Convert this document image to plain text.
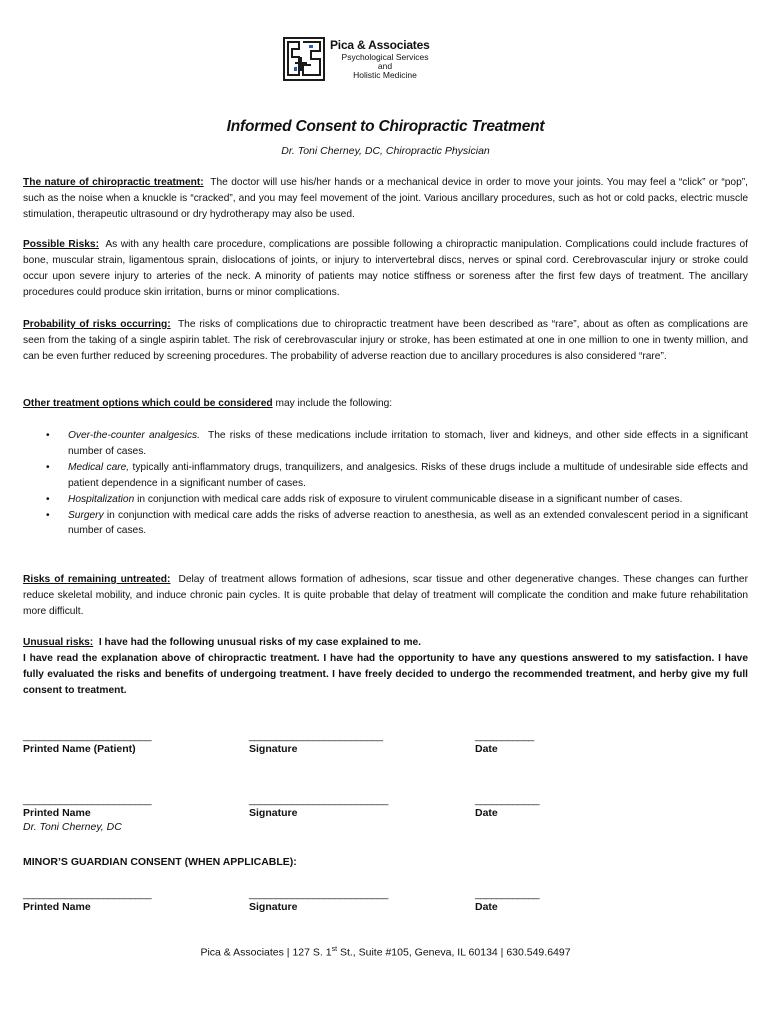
Pica & Associates
Psychological Services
and
Holistic Medicine
Informed Consent to Chiropractic Treatment
Dr. Toni Cherney, DC, Chiropractic Physician
The nature of chiropractic treatment: The doctor will use his/her hands or a mechanical device in order to move your joints. You may feel a “click” or “pop”, such as the noise when a knuckle is “cracked”, and you may feel movement of the joint. Various ancillary procedures, such as hot or cold packs, electric muscle stimulation, therapeutic ultrasound or dry hydrotherapy may also be used.
Possible Risks: As with any health care procedure, complications are possible following a chiropractic manipulation. Complications could include fractures of bone, muscular strain, ligamentous sprain, dislocations of joints, or injury to intervertebral discs, nerves or spinal cord. Cerebrovascular injury or stroke could occur upon severe injury to arteries of the neck. A minority of patients may notice stiffness or soreness after the first few days of treatment. The ancillary procedures could produce skin irritation, burns or minor complications.
Probability of risks occurring: The risks of complications due to chiropractic treatment have been described as “rare”, about as often as complications are seen from the taking of a single aspirin tablet. The risk of cerebrovascular injury or stroke, has been estimated at one in one million to one in twenty million, and can be even further reduced by screening procedures. The probability of adverse reaction due to ancillary procedures is also considered “rare”.
Other treatment options which could be considered may include the following:
• Over-the-counter analgesics. The risks of these medications include irritation to stomach, liver and kidneys, and other side effects in a significant number of cases.
• Medical care, typically anti-inflammatory drugs, tranquilizers, and analgesics. Risks of these drugs include a multitude of undesirable side effects and patient dependence in a significant number of cases.
• Hospitalization in conjunction with medical care adds risk of exposure to virulent communicable disease in a significant number of cases.
• Surgery in conjunction with medical care adds the risks of adverse reaction to anesthesia, as well as an extended convalescent period in a significant number of cases.
Risks of remaining untreated: Delay of treatment allows formation of adhesions, scar tissue and other degenerative changes. These changes can further reduce skeletal mobility, and induce chronic pain cycles. It is quite probable that delay of treatment will complicate the condition and make future rehabilitation more difficult.
Unusual risks: I have had the following unusual risks of my case explained to me.
I have read the explanation above of chiropractic treatment. I have had the opportunity to have any questions answered to my satisfaction. I have fully evaluated the risks and benefits of undergoing treatment. I have freely decided to undergo the recommended treatment, and herby give my full consent to treatment.
________________________
Printed Name (Patient)
_________________________
Signature
___________
Date
________________________
Printed Name
Dr. Toni Cherney, DC
__________________________
Signature
____________
Date
MINOR’S GUARDIAN CONSENT (WHEN APPLICABLE):
________________________
Printed Name
__________________________
Signature
____________
Date
Pica & Associates | 127 S. 1st St., Suite #105, Geneva, IL 60134 | 630.549.6497
